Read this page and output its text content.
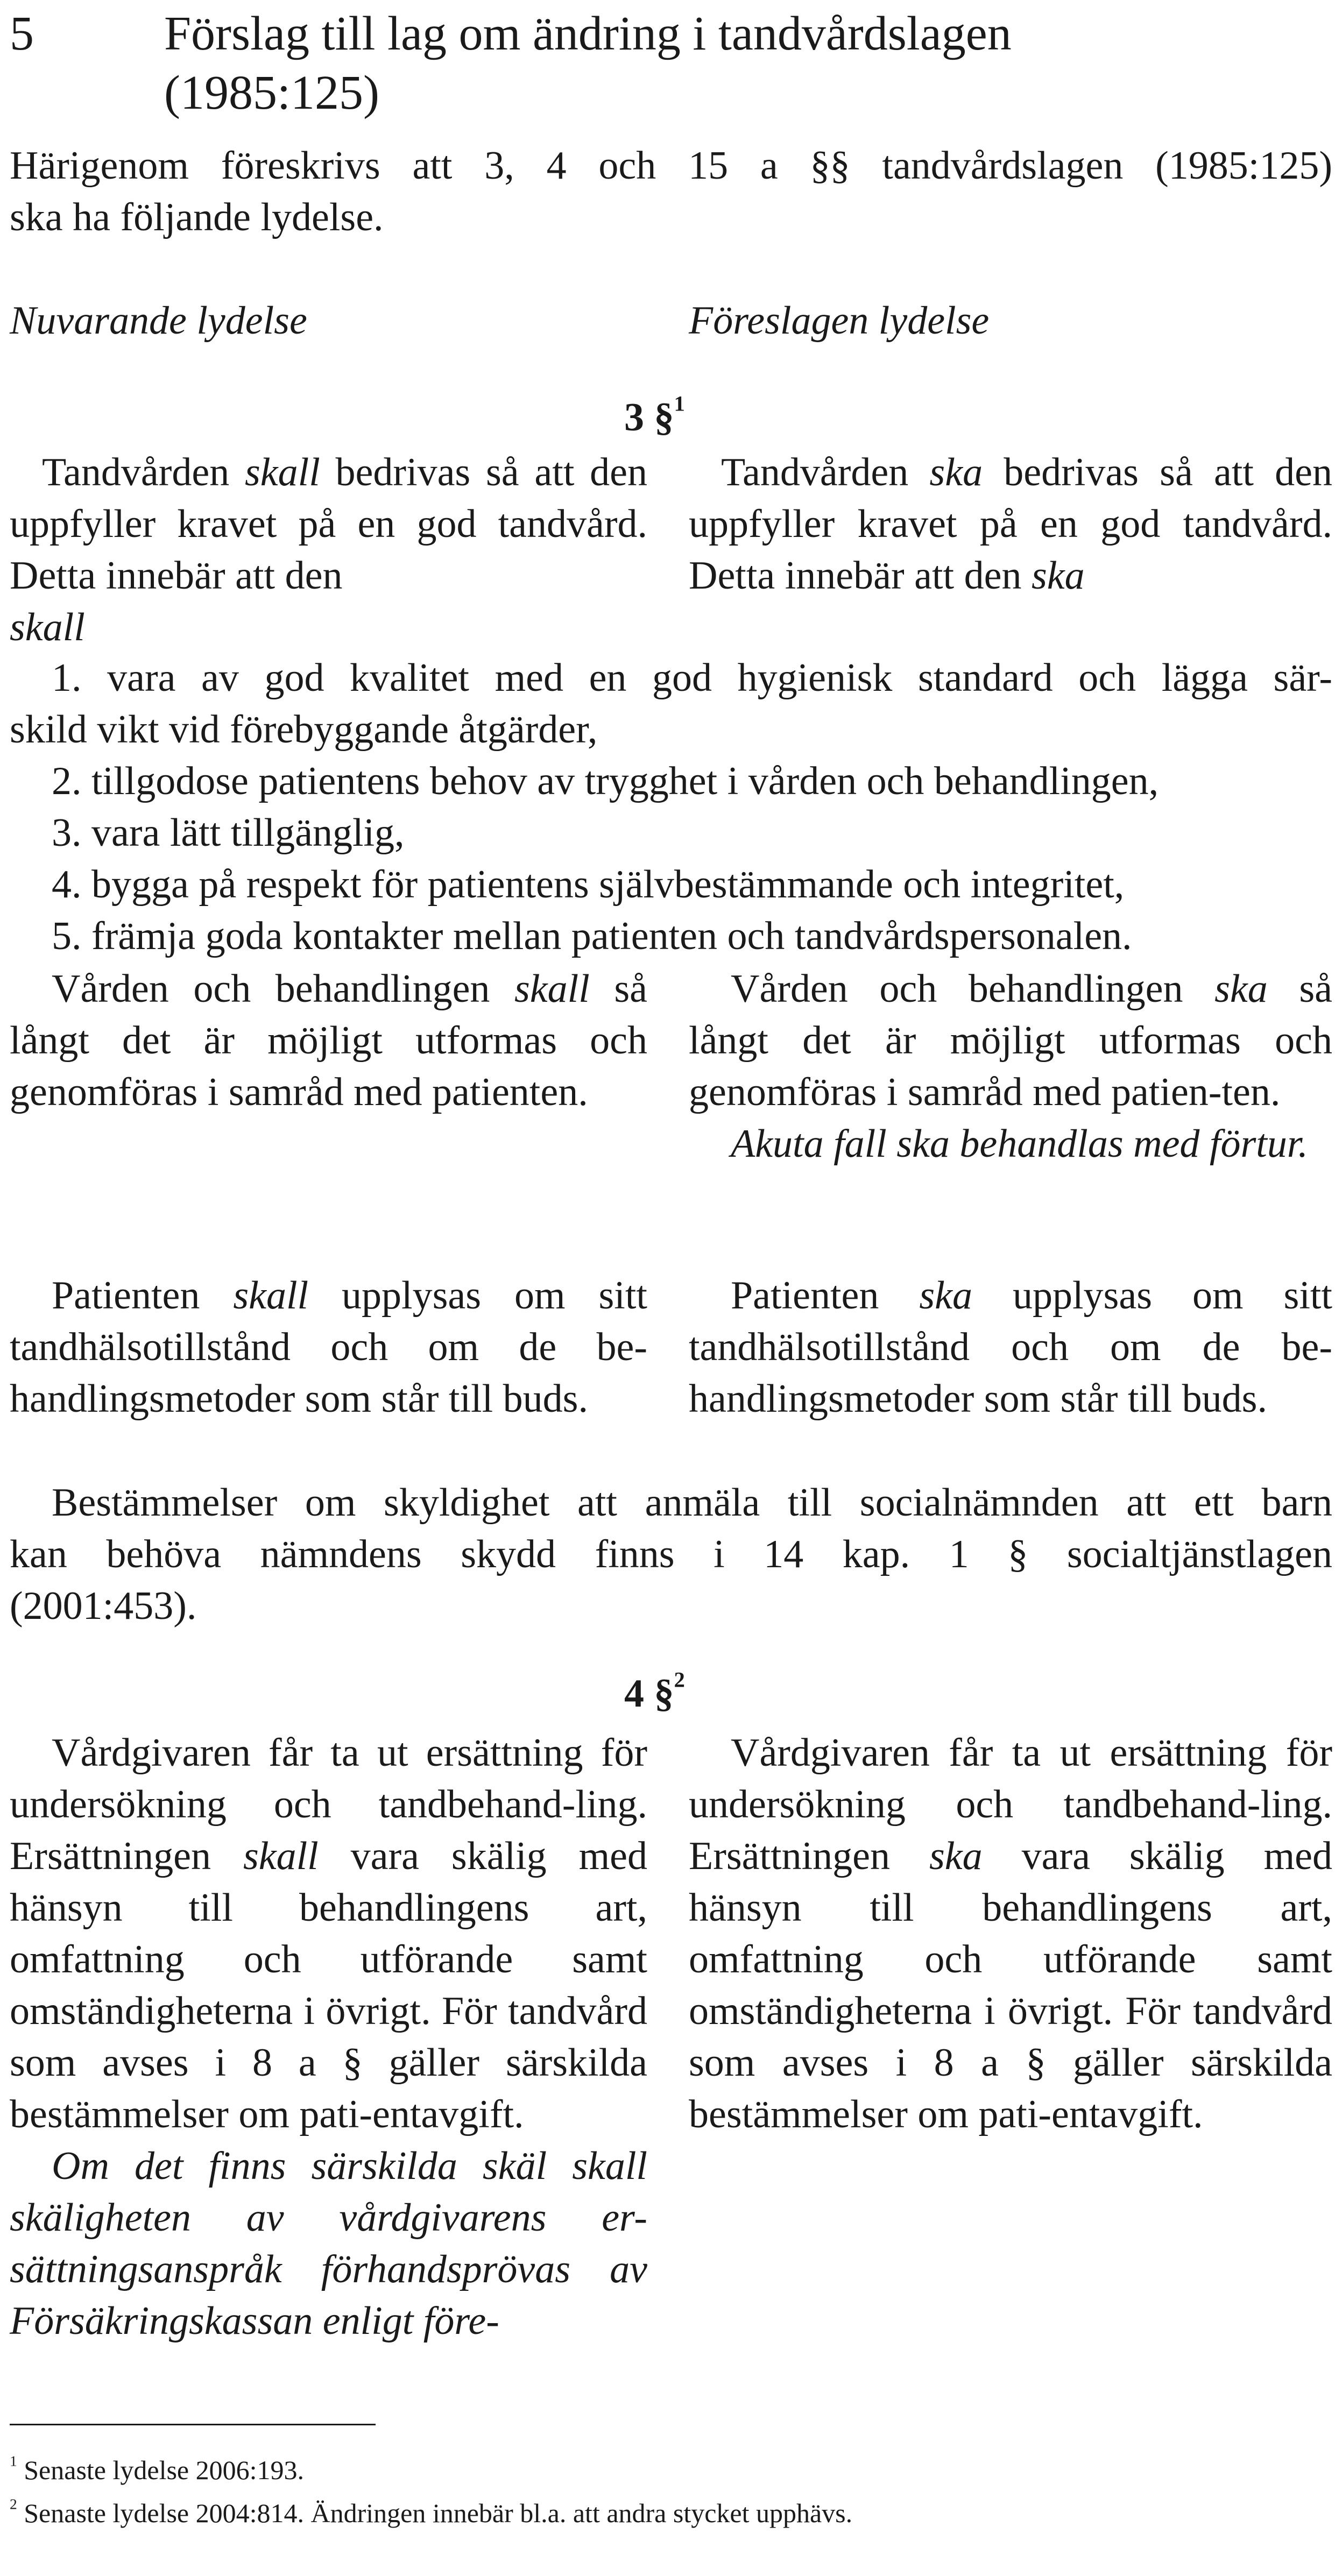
5	Förslag till lag om ändring i tandvårdslagen
(1985:125)
Härigenom föreskrivs att 3, 4 och 15 a §§ tandvårdslagen (1985:125)
ska ha följande lydelse.
Nuvarande lydelse	Föreslagen lydelse
3 §$^1$

Tandvården skall bedrivas så att den uppfyller kravet på en god tandvård. Detta innebär att den

skall

Tandvården ska bedrivas så att den uppfyller kravet på en god tandvård. Detta innebär att den ska

1. vara av god kvalitet med en god hygienisk standard och lägga sär-
skild vikt vid förebyggande åtgärder,
2. tillgodose patientens behov av trygghet i vården och behandlingen,
3. vara lätt tillgänglig,
4. bygga på respekt för patientens självbestämmande och integritet,
5. främja goda kontakter mellan patienten och tandvårdspersonalen.

Vården och behandlingen skall så långt det är möjligt utformas och genomföras i samråd med patienten.

Vården och behandlingen ska så långt det är möjligt utformas och genomföras i samråd med patien-ten.

Akuta fall ska behandlas med förtur.

Patienten skall upplysas om sitt tandhälsotillstånd och om de be-handlingsmetoder som står till buds.

Patienten ska upplysas om sitt tandhälsotillstånd och om de be-handlingsmetoder som står till buds.

Bestämmelser om skyldighet att anmäla till socialnämnden att ett barn
kan behöva nämndens skydd finns i 14 kap. 1 § socialtjänstlagen
(2001:453).
4 §$^2$

Vårdgivaren får ta ut ersättning för undersökning och tandbehand-ling. Ersättningen skall vara skälig med hänsyn till behandlingens art, omfattning och utförande samt omständigheterna i övrigt. För tandvård som avses i 8 a § gäller särskilda bestämmelser om pati-entavgift.

Om det finns särskilda skäl skall skäligheten av vårdgivarens er-sättningsanspråk förhandsprövas av Försäkringskassan enligt före-

Vårdgivaren får ta ut ersättning för undersökning och tandbehand-ling. Ersättningen ska vara skälig med hänsyn till behandlingens art, omfattning och utförande samt omständigheterna i övrigt. För tandvård som avses i 8 a § gäller särskilda bestämmelser om pati-entavgift.

$^1$ Senaste lydelse 2006:193.
$^2$ Senaste lydelse 2004:814. Ändringen innebär bl.a. att andra stycket upphävs.
